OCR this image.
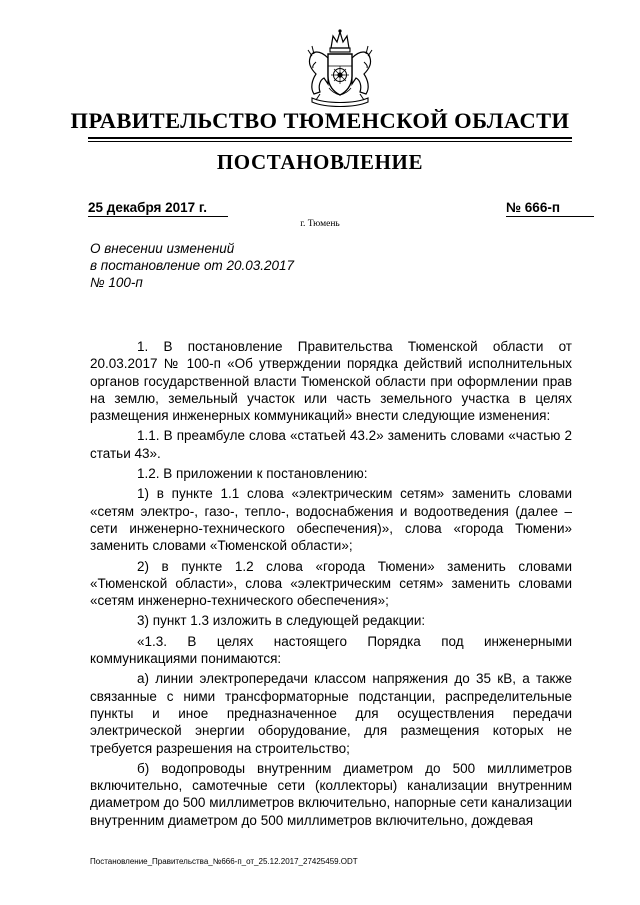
ПРАВИТЕЛЬСТВО ТЮМЕНСКОЙ ОБЛАСТИ
ПОСТАНОВЛЕНИЕ
25 декабря 2017 г.	№ 666-п
г. Тюмень
О внесении изменений
в постановление от 20.03.2017
№ 100-п

1. В постановление Правительства Тюменской области от 20.03.2017 № 100-п «Об утверждении порядка действий исполнительных органов государственной власти Тюменской области при оформлении прав на землю, земельный участок или часть земельного участка в целях размещения инженерных коммуникаций» внести следующие изменения:

1.1. В преамбуле слова «статьей 43.2» заменить словами «частью 2 статьи 43».

1.2. В приложении к постановлению:

1) в пункте 1.1 слова «электрическим сетям» заменить словами «сетям электро-, газо-, тепло-, водоснабжения и водоотведения (далее – сети инженерно-технического обеспечения)», слова «города Тюмени» заменить словами «Тюменской области»;

2) в пункте 1.2 слова «города Тюмени» заменить словами «Тюменской области», слова «электрическим сетям» заменить словами «сетям инженерно-технического обеспечения»;

3) пункт 1.3 изложить в следующей редакции:

«1.3. В целях настоящего Порядка под инженерными коммуникациями понимаются:

а) линии электропередачи классом напряжения до 35 кВ, а также связанные с ними трансформаторные подстанции, распределительные пункты и иное предназначенное для осуществления передачи электрической энергии оборудование, для размещения которых не требуется разрешения на строительство;

б) водопроводы внутренним диаметром до 500 миллиметров включительно, самотечные сети (коллекторы) канализации внутренним диаметром до 500 миллиметров включительно, напорные сети канализации внутренним диаметром до 500 миллиметров включительно, дождевая

Постановление_Правительства_№666-п_от_25.12.2017_27425459.ODT
